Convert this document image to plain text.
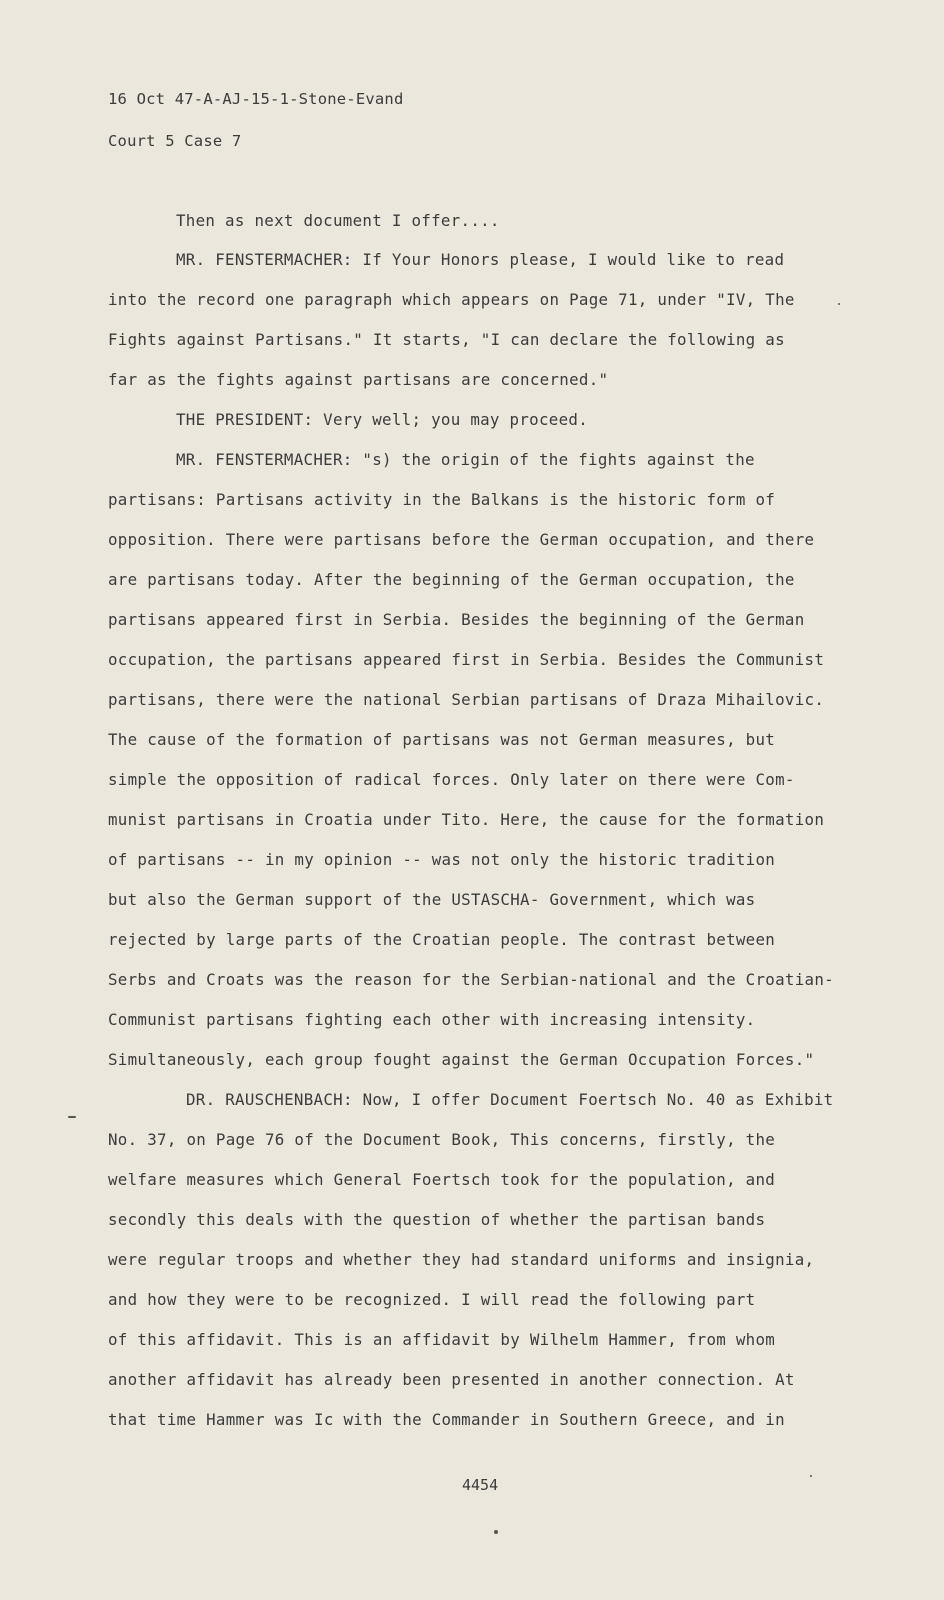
16 Oct 47-A-AJ-15-1-Stone-Evand
Court 5 Case 7
Then as next document I offer....
MR. FENSTERMACHER: If Your Honors please, I would like to read
into the record one paragraph which appears on Page 71, under "IV, The
Fights against Partisans." It starts, "I can declare the following as
far as the fights against partisans are concerned."
THE PRESIDENT: Very well; you may proceed.
MR. FENSTERMACHER: "s) the origin of the fights against the
partisans: Partisans activity in the Balkans is the historic form of
opposition. There were partisans before the German occupation, and there
are partisans today. After the beginning of the German occupation, the
partisans appeared first in Serbia. Besides the beginning of the German
occupation, the partisans appeared first in Serbia. Besides the Communist
partisans, there were the national Serbian partisans of Draza Mihailovic.
The cause of the formation of partisans was not German measures, but
simple the opposition of radical forces. Only later on there were Com-
munist partisans in Croatia under Tito. Here, the cause for the formation
of partisans -- in my opinion -- was not only the historic tradition
but also the German support of the USTASCHA- Government, which was
rejected by large parts of the Croatian people. The contrast between
Serbs and Croats was the reason for the Serbian-national and the Croatian-
Communist partisans fighting each other with increasing intensity.
Simultaneously, each group fought against the German Occupation Forces."
DR. RAUSCHENBACH: Now, I offer Document Foertsch No. 40 as Exhibit
No. 37, on Page 76 of the Document Book, This concerns, firstly, the
welfare measures which General Foertsch took for the population, and
secondly this deals with the question of whether the partisan bands
were regular troops and whether they had standard uniforms and insignia,
and how they were to be recognized. I will read the following part
of this affidavit. This is an affidavit by Wilhelm Hammer, from whom
another affidavit has already been presented in another connection. At
that time Hammer was Ic with the Commander in Southern Greece, and in
4454
